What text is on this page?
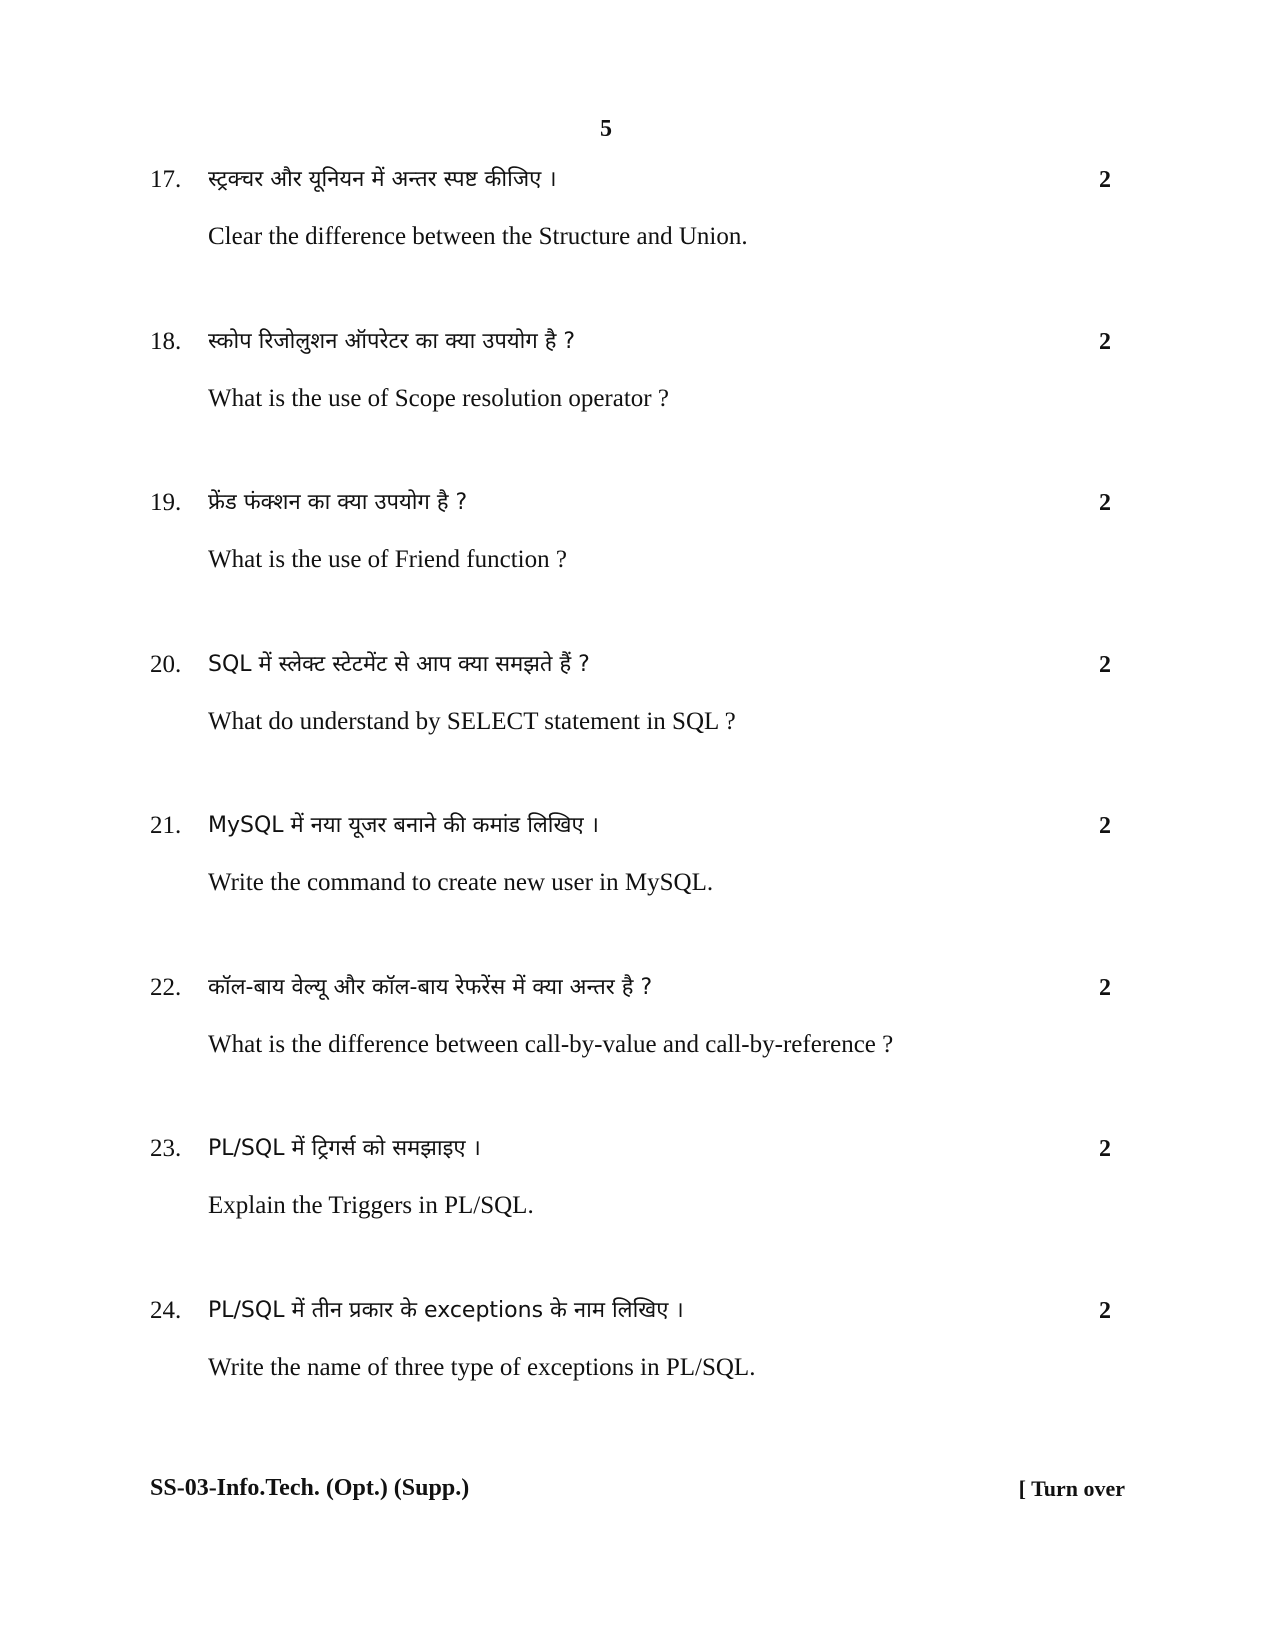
5
17. स्ट्रक्चर और यूनियन में अन्तर स्पष्ट कीजिए ।	2
Clear the difference between the Structure and Union.
18. स्कोप रिजोलुशन ऑपरेटर का क्या उपयोग है ?	2
What is the use of Scope resolution operator ?
19. फ्रेंड फंक्शन का क्या उपयोग है ?	2
What is the use of Friend function ?
20. SQL में स्लेक्ट स्टेटमेंट से आप क्या समझते हैं ?	2
What do understand by SELECT statement in SQL ?
21. MySQL में नया यूजर बनाने की कमांड लिखिए ।	2
Write the command to create new user in MySQL.
22. कॉल-बाय वेल्यू और कॉल-बाय रेफरेंस में क्या अन्तर है ?	2
What is the difference between call-by-value and call-by-reference ?
23. PL/SQL में ट्रिगर्स को समझाइए ।	2
Explain the Triggers in PL/SQL.
24. PL/SQL में तीन प्रकार के exceptions के नाम लिखिए ।	2
Write the name of three type of exceptions in PL/SQL.
SS-03-Info.Tech. (Opt.) (Supp.)	[ Turn over
